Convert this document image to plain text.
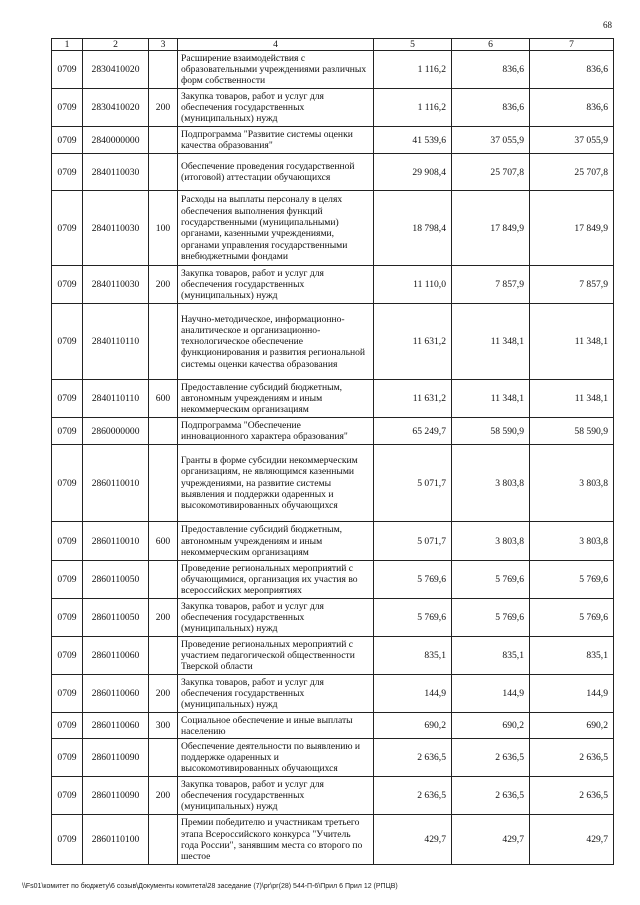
68
1	2	3	4	5	6	7
0709	2830410020		Расширение взаимодействия с образовательными учреждениями различных форм собственности	1 116,2	836,6	836,6
0709	2830410020	200	Закупка товаров, работ и услуг для обеспечения государственных (муниципальных) нужд	1 116,2	836,6	836,6
0709	2840000000		Подпрограмма "Развитие системы оценки качества образования"	41 539,6	37 055,9	37 055,9
0709	2840110030		Обеспечение проведения государственной (итоговой) аттестации обучающихся	29 908,4	25 707,8	25 707,8
0709	2840110030	100	Расходы на выплаты персоналу в целях обеспечения выполнения функций государственными (муниципальными) органами, казенными учреждениями, органами управления государственными внебюджетными фондами	18 798,4	17 849,9	17 849,9
0709	2840110030	200	Закупка товаров, работ и услуг для обеспечения государственных (муниципальных) нужд	11 110,0	7 857,9	7 857,9
0709	2840110110		Научно-методическое, информационно-аналитическое и организационно-технологическое обеспечение функционирования и развития региональной системы оценки качества образования	11 631,2	11 348,1	11 348,1
0709	2840110110	600	Предоставление субсидий бюджетным, автономным учреждениям и иным некоммерческим организациям	11 631,2	11 348,1	11 348,1
0709	2860000000		Подпрограмма "Обеспечение инновационного характера образования"	65 249,7	58 590,9	58 590,9
0709	2860110010		Гранты в форме субсидии некоммерческим организациям, не являющимся казенными учреждениями, на развитие системы выявления и поддержки одаренных и высокомотивированных обучающихся	5 071,7	3 803,8	3 803,8
0709	2860110010	600	Предоставление субсидий бюджетным, автономным учреждениям и иным некоммерческим организациям	5 071,7	3 803,8	3 803,8
0709	2860110050		Проведение региональных мероприятий с обучающимися, организация их участия во всероссийских мероприятиях	5 769,6	5 769,6	5 769,6
0709	2860110050	200	Закупка товаров, работ и услуг для обеспечения государственных (муниципальных) нужд	5 769,6	5 769,6	5 769,6
0709	2860110060		Проведение региональных мероприятий с участием педагогической общественности Тверской области	835,1	835,1	835,1
0709	2860110060	200	Закупка товаров, работ и услуг для обеспечения государственных (муниципальных) нужд	144,9	144,9	144,9
0709	2860110060	300	Социальное обеспечение и иные выплаты населению	690,2	690,2	690,2
0709	2860110090		Обеспечение деятельности по выявлению и поддержке одаренных и высокомотивированных обучающихся	2 636,5	2 636,5	2 636,5
0709	2860110090	200	Закупка товаров, работ и услуг для обеспечения государственных (муниципальных) нужд	2 636,5	2 636,5	2 636,5
0709	2860110100		Премии победителю и участникам третьего этапа Всероссийского конкурса "Учитель года России", занявшим места со второго по шестое	429,7	429,7	429,7
\\Fs01\комитет по бюджету\6 созыв\Документы комитета\28 заседание (7)\рг\рг(28) 544-П-6\Прил 6 Прил 12 (РПЦВ)
